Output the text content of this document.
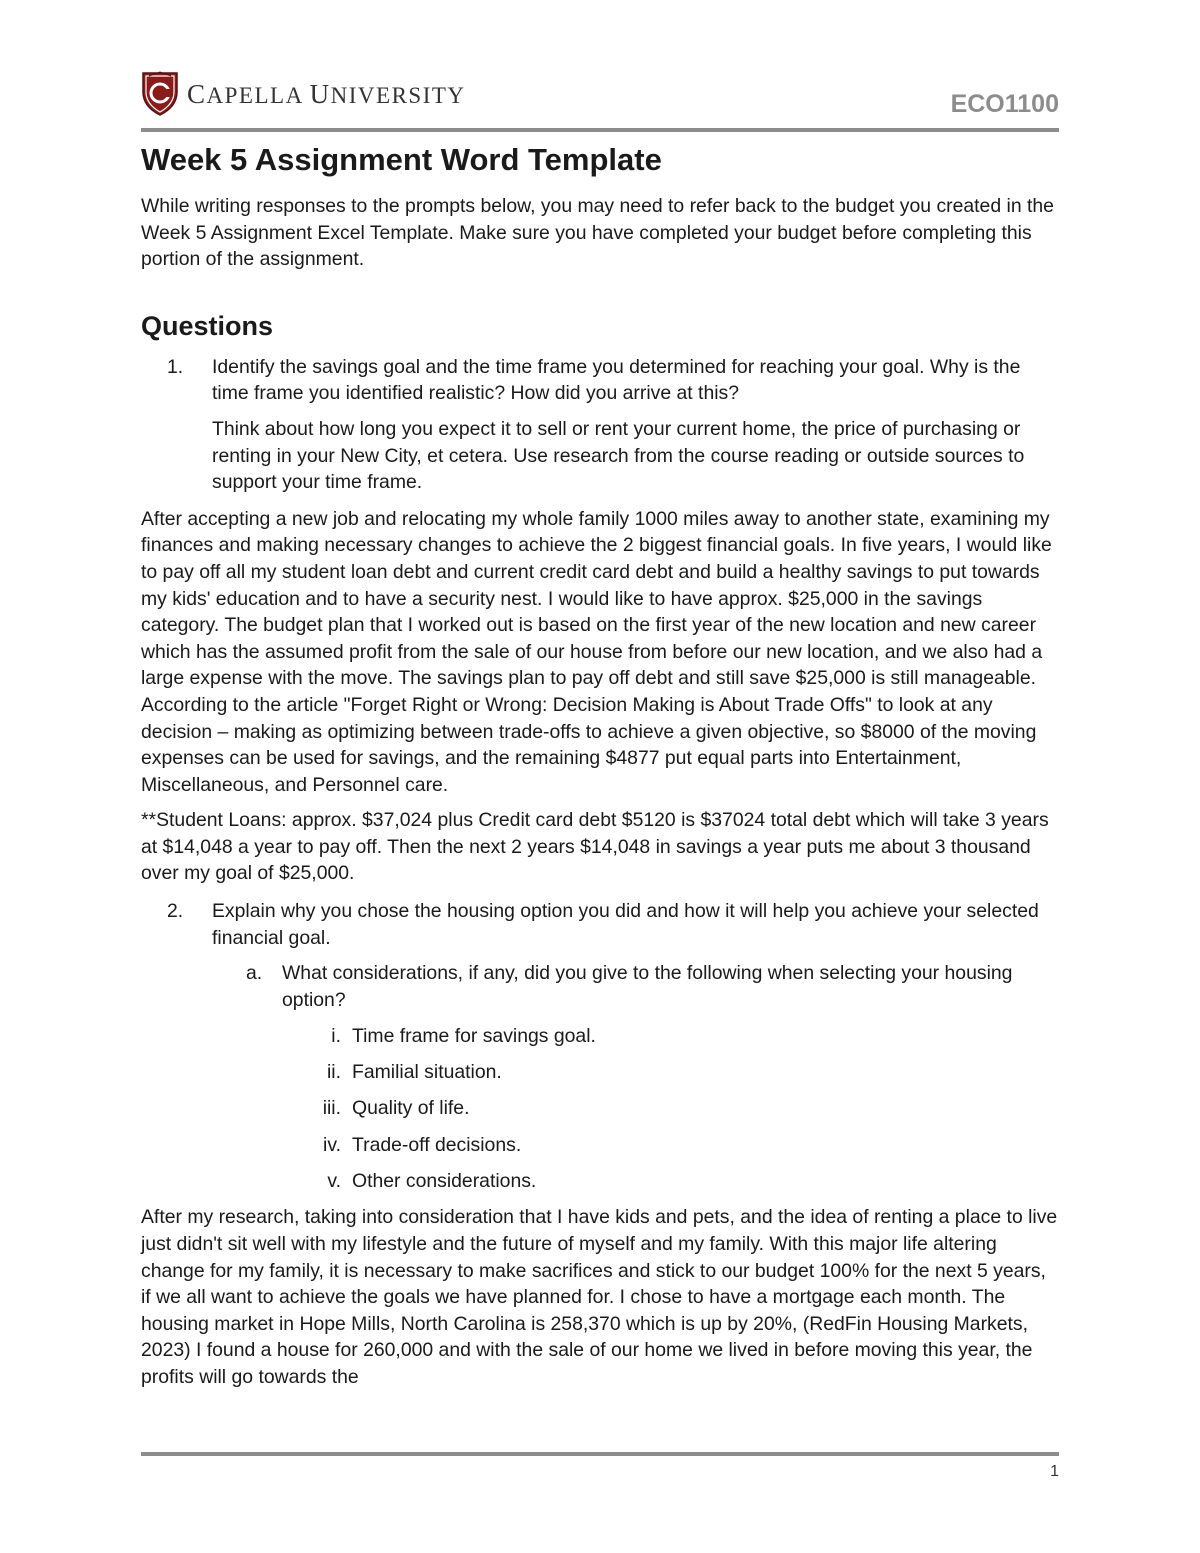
CAPELLA UNIVERSITY	ECO1100
Week 5 Assignment Word Template

While writing responses to the prompts below, you may need to refer back to the budget you created in the Week 5 Assignment Excel Template. Make sure you have completed your budget before completing this portion of the assignment.

Questions
1. Identify the savings goal and the time frame you determined for reaching your goal. Why is the time frame you identified realistic? How did you arrive at this?

Think about how long you expect it to sell or rent your current home, the price of purchasing or renting in your New City, et cetera. Use research from the course reading or outside sources to support your time frame.

After accepting a new job and relocating my whole family 1000 miles away to another state, examining my finances and making necessary changes to achieve the 2 biggest financial goals. In five years, I would like to pay off all my student loan debt and current credit card debt and build a healthy savings to put towards my kids' education and to have a security nest. I would like to have approx. $25,000 in the savings category. The budget plan that I worked out is based on the first year of the new location and new career which has the assumed profit from the sale of our house from before our new location, and we also had a large expense with the move. The savings plan to pay off debt and still save $25,000 is still manageable. According to the article "Forget Right or Wrong: Decision Making is About Trade Offs" to look at any decision – making as optimizing between trade-offs to achieve a given objective, so $8000 of the moving expenses can be used for savings, and the remaining $4877 put equal parts into Entertainment, Miscellaneous, and Personnel care.

**Student Loans: approx. $37,024 plus Credit card debt $5120 is $37024 total debt which will take 3 years at $14,048 a year to pay off. Then the next 2 years $14,048 in savings a year puts me about 3 thousand over my goal of $25,000.

2. Explain why you chose the housing option you did and how it will help you achieve your selected financial goal.
a. What considerations, if any, did you give to the following when selecting your housing option?
i. Time frame for savings goal.
ii. Familial situation.
iii. Quality of life.
iv. Trade-off decisions.
v. Other considerations.

After my research, taking into consideration that I have kids and pets, and the idea of renting a place to live just didn't sit well with my lifestyle and the future of myself and my family. With this major life altering change for my family, it is necessary to make sacrifices and stick to our budget 100% for the next 5 years, if we all want to achieve the goals we have planned for. I chose to have a mortgage each month. The housing market in Hope Mills, North Carolina is 258,370 which is up by 20%, (RedFin Housing Markets, 2023) I found a house for 260,000 and with the sale of our home we lived in before moving this year, the profits will go towards the

1
